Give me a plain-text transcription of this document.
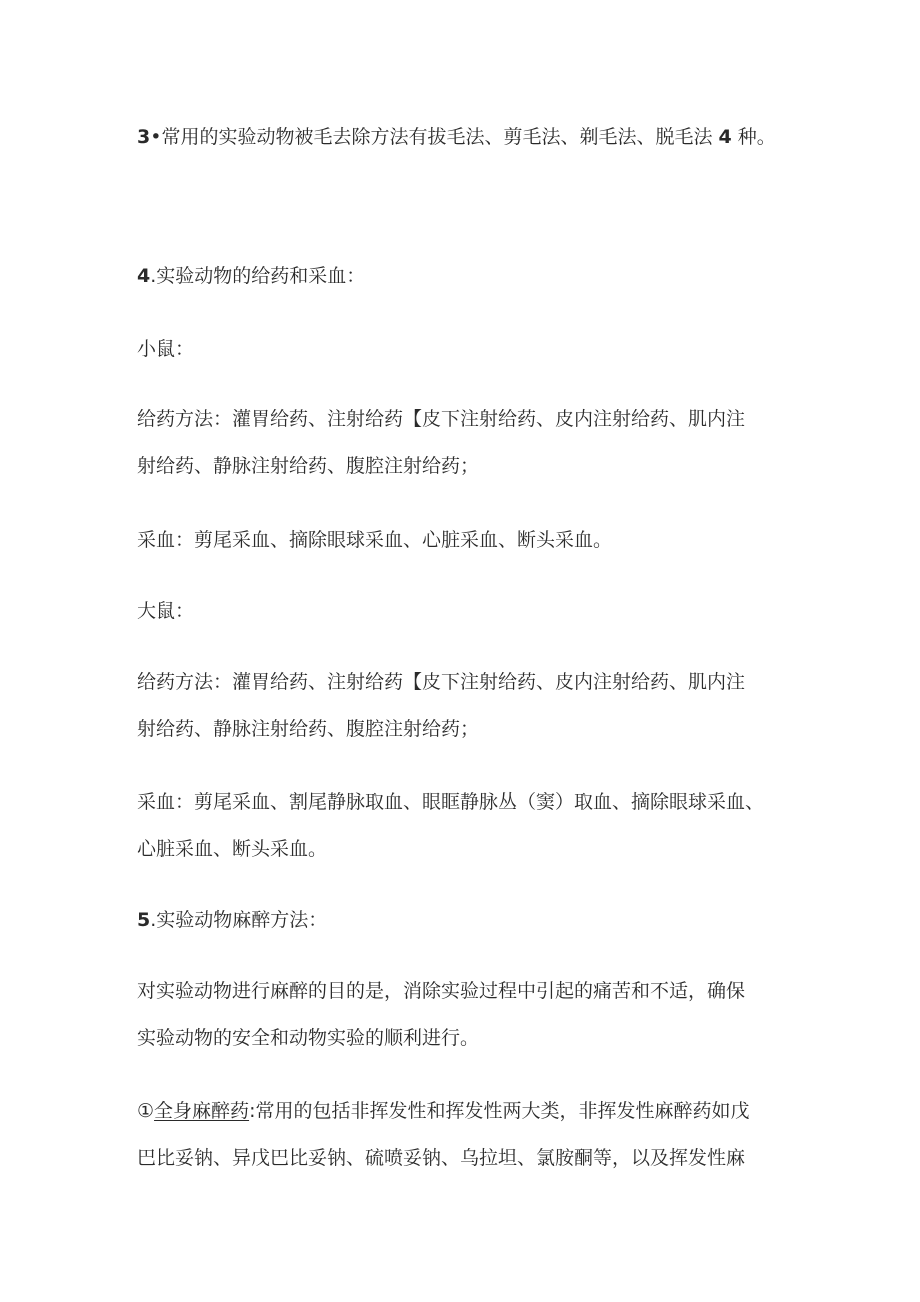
3•常用的实验动物被毛去除方法有拔毛法、剪毛法、剃毛法、脱毛法 4 种。

4.实验动物的给药和采血：

小鼠：

给药方法：灌胃给药、注射给药【皮下注射给药、皮内注射给药、肌内注

射给药、静脉注射给药、腹腔注射给药；

采血：剪尾采血、摘除眼球采血、心脏采血、断头采血。

大鼠：

给药方法：灌胃给药、注射给药【皮下注射给药、皮内注射给药、肌内注

射给药、静脉注射给药、腹腔注射给药；

采血：剪尾采血、割尾静脉取血、眼眶静脉丛（窦）取血、摘除眼球采血、

心脏采血、断头采血。

5.实验动物麻醉方法：

对实验动物进行麻醉的目的是，消除实验过程中引起的痛苦和不适，确保

实验动物的安全和动物实验的顺利进行。

①全身麻醉药:常用的包括非挥发性和挥发性两大类，非挥发性麻醉药如戊

巴比妥钠、异戊巴比妥钠、硫喷妥钠、乌拉坦、氯胺酮等，以及挥发性麻
